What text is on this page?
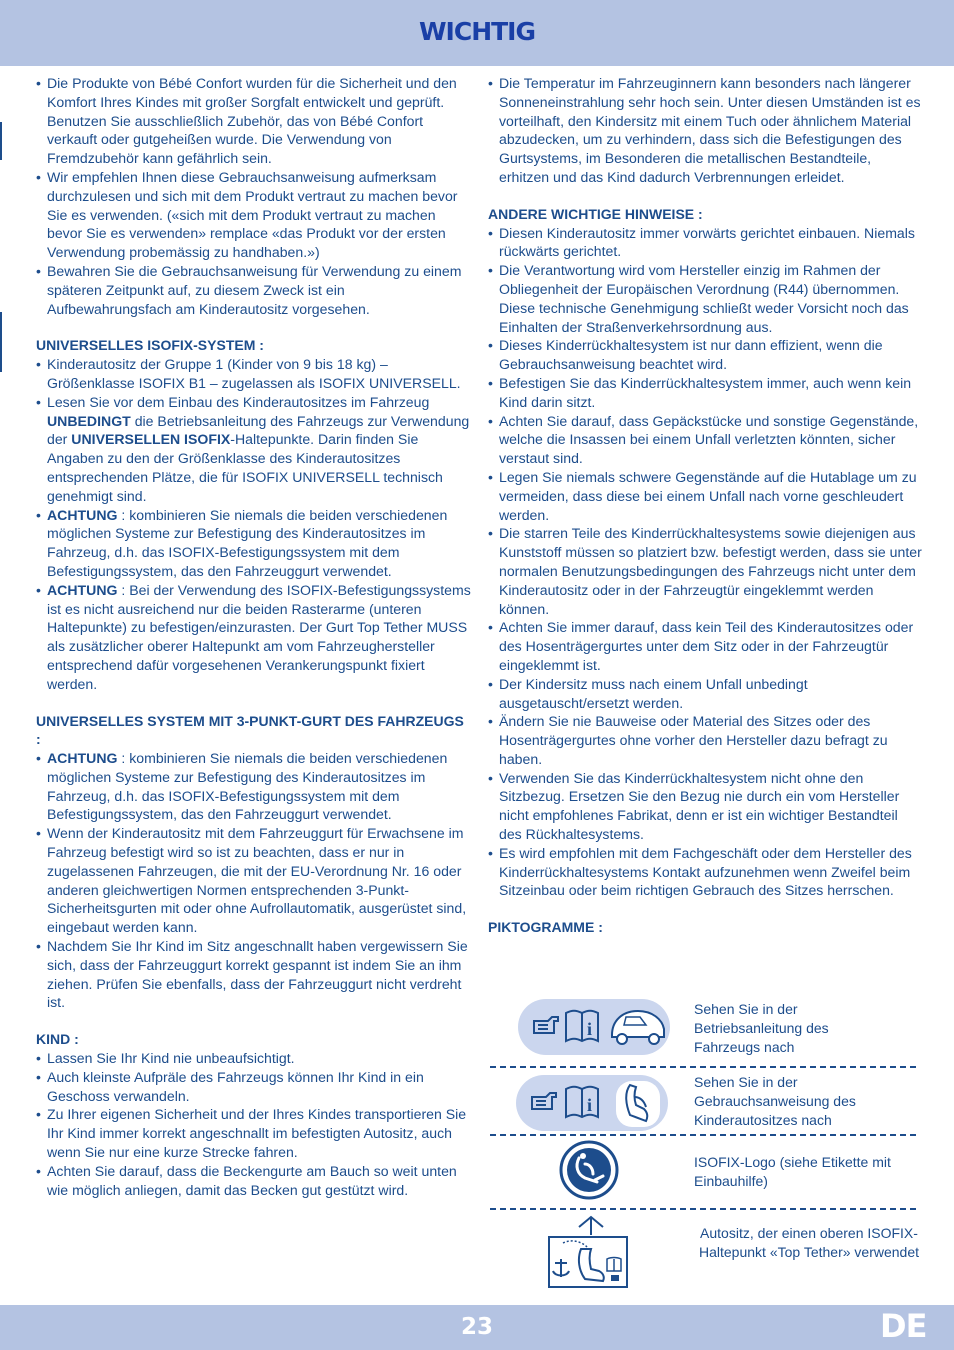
WICHTIG
• Die Produkte von Bébé Confort wurden für die Sicherheit und den Komfort Ihres Kindes mit großer Sorgfalt entwickelt und geprüft. Benutzen Sie ausschließlich Zubehör, das von Bébé Confort verkauft oder gutgeheißen wurde. Die Verwendung von Fremdzubehör kann gefährlich sein.
• Wir empfehlen Ihnen diese Gebrauchsanweisung aufmerksam durchzulesen und sich mit dem Produkt vertraut zu machen bevor Sie es verwenden. («sich mit dem Produkt vertraut zu machen bevor Sie es verwenden» remplace «das Produkt vor der ersten Verwendung probemässig zu handhaben.»)
• Bewahren Sie die Gebrauchsanweisung für Verwendung zu einem späteren Zeitpunkt auf, zu diesem Zweck ist ein Aufbewahrungsfach am Kinderautositz vorgesehen.
UNIVERSELLES ISOFIX-SYSTEM :
• Kinderautositz der Gruppe 1 (Kinder von 9 bis 18 kg) – Größenklasse ISOFIX B1 – zugelassen als ISOFIX UNIVERSELL.
• Lesen Sie vor dem Einbau des Kinderautositzes im Fahrzeug UNBEDINGT die Betriebsanleitung des Fahrzeugs zur Verwendung der UNIVERSELLEN ISOFIX-Haltepunkte. Darin finden Sie Angaben zu den der Größenklasse des Kinderautositzes entsprechenden Plätze, die für ISOFIX UNIVERSELL technisch genehmigt sind.
• ACHTUNG : kombinieren Sie niemals die beiden verschiedenen möglichen Systeme zur Befestigung des Kinderautositzes im Fahrzeug, d.h. das ISOFIX-Befestigungssystem mit dem Befestigungssystem, das den Fahrzeuggurt verwendet.
• ACHTUNG : Bei der Verwendung des ISOFIX-Befestigungssystems ist es nicht ausreichend nur die beiden Rasterarme (unteren Haltepunkte) zu befestigen/einzurasten. Der Gurt Top Tether MUSS als zusätzlicher oberer Haltepunkt am vom Fahrzeughersteller entsprechend dafür vorgesehenen Verankerungspunkt fixiert werden.
UNIVERSELLES SYSTEM MIT 3-PUNKT-GURT DES FAHRZEUGS :
• ACHTUNG : kombinieren Sie niemals die beiden verschiedenen möglichen Systeme zur Befestigung des Kinderautositzes im Fahrzeug, d.h. das ISOFIX-Befestigungssystem mit dem Befestigungssystem, das den Fahrzeuggurt verwendet.
• Wenn der Kinderautositz mit dem Fahrzeuggurt für Erwachsene im Fahrzeug befestigt wird so ist zu beachten, dass er nur in zugelassenen Fahrzeugen, die mit der EU-Verordnung Nr. 16 oder anderen gleichwertigen Normen entsprechenden 3-Punkt-Sicherheitsgurten mit oder ohne Aufrollautomatik, ausgerüstet sind, eingebaut werden kann.
• Nachdem Sie Ihr Kind im Sitz angeschnallt haben vergewissern Sie sich, dass der Fahrzeuggurt korrekt gespannt ist indem Sie an ihm ziehen. Prüfen Sie ebenfalls, dass der Fahrzeuggurt nicht verdreht ist.
KIND :
• Lassen Sie Ihr Kind nie unbeaufsichtigt.
• Auch kleinste Aufpräle des Fahrzeugs können Ihr Kind in ein Geschoss verwandeln.
• Zu Ihrer eigenen Sicherheit und der Ihres Kindes transportieren Sie Ihr Kind immer korrekt angeschnallt im befestigten Autositz, auch wenn Sie nur eine kurze Strecke fahren.
• Achten Sie darauf, dass die Beckengurte am Bauch so weit unten wie möglich anliegen, damit das Becken gut gestützt wird.
• Die Temperatur im Fahrzeuginnern kann besonders nach längerer Sonneneinstrahlung sehr hoch sein. Unter diesen Umständen ist es vorteilhaft, den Kindersitz mit einem Tuch oder ähnlichem Material abzudecken, um zu verhindern, dass sich die Befestigungen des Gurtsystems, im Besonderen die metallischen Bestandteile, erhitzen und das Kind dadurch Verbrennungen erleidet.
ANDERE WICHTIGE HINWEISE :
• Diesen Kinderautositz immer vorwärts gerichtet einbauen. Niemals rückwärts gerichtet.
• Die Verantwortung wird vom Hersteller einzig im Rahmen der Obliegenheit der Europäischen Verordnung (R44) übernommen. Diese technische Genehmigung schließt weder Vorsicht noch das Einhalten der Straßenverkehrsordnung aus.
• Dieses Kinderrückhaltesystem ist nur dann effizient, wenn die Gebrauchsanweisung beachtet wird.
• Befestigen Sie das Kinderrückhaltesystem immer, auch wenn kein Kind darin sitzt.
• Achten Sie darauf, dass Gepäckstücke und sonstige Gegenstände, welche die Insassen bei einem Unfall verletzten könnten, sicher verstaut sind.
• Legen Sie niemals schwere Gegenstände auf die Hutablage um zu vermeiden, dass diese bei einem Unfall nach vorne geschleudert werden.
• Die starren Teile des Kinderrückhaltesystems sowie diejenigen aus Kunststoff müssen so platziert bzw. befestigt werden, dass sie unter normalen Benutzungsbedingungen des Fahrzeugs nicht unter dem Kinderautositz oder in der Fahrzeugtür eingeklemmt werden können.
• Achten Sie immer darauf, dass kein Teil des Kinderautositzes oder des Hosenträgergurtes unter dem Sitz oder in der Fahrzeugtür eingeklemmt ist.
• Der Kindersitz muss nach einem Unfall unbedingt ausgetauscht/ersetzt werden.
• Ändern Sie nie Bauweise oder Material des Sitzes oder des Hosenträgergurtes ohne vorher den Hersteller dazu befragt zu haben.
• Verwenden Sie das Kinderrückhaltesystem nicht ohne den Sitzbezug. Ersetzen Sie den Bezug nie durch ein vom Hersteller nicht empfohlenes Fabrikat, denn er ist ein wichtiger Bestandteil des Rückhaltesystems.
• Es wird empfohlen mit dem Fachgeschäft oder dem Hersteller des Kinderrückhaltesystems Kontakt aufzunehmen wenn Zweifel beim Sitzeinbau oder beim richtigen Gebrauch des Sitzes herrschen.
PIKTOGRAMME :
i
Sehen Sie in der Betriebsanleitung des Fahrzeugs nach
i
Sehen Sie in der Gebrauchsanweisung des Kinderautositzes nach
ISOFIX-Logo (siehe Etikette mit Einbauhilfe)
Autositz, der einen oberen ISOFIX-Haltepunkt «Top Tether» verwendet
23	DE
